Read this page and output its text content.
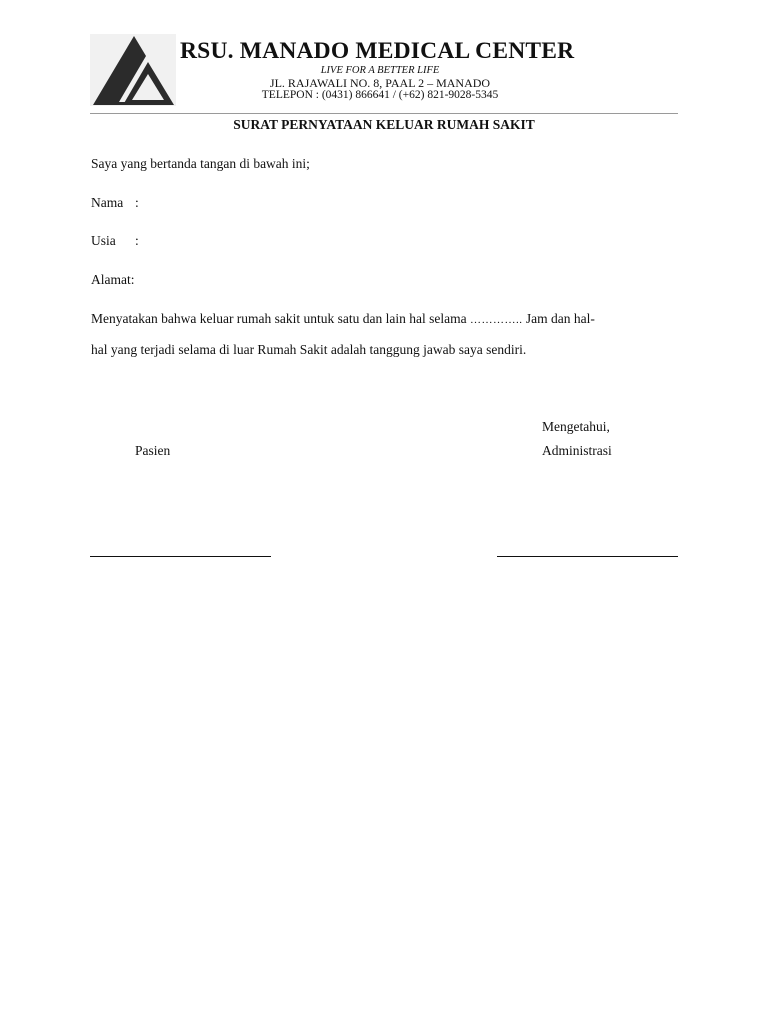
RSU. MANADO MEDICAL CENTER
LIVE FOR A BETTER LIFE
JL. RAJAWALI NO. 8, PAAL 2 – MANADO
TELEPON : (0431) 866641 / (+62) 821-9028-5345
SURAT PERNYATAAN KELUAR RUMAH SAKIT
Saya yang bertanda tangan di bawah ini;
Nama :
Usia :
Alamat:
Menyatakan bahwa keluar rumah sakit untuk satu dan lain hal selama ………….. Jam dan hal-
hal yang terjadi selama di luar Rumah Sakit adalah tanggung jawab saya sendiri.
Mengetahui,
Pasien	Administrasi
